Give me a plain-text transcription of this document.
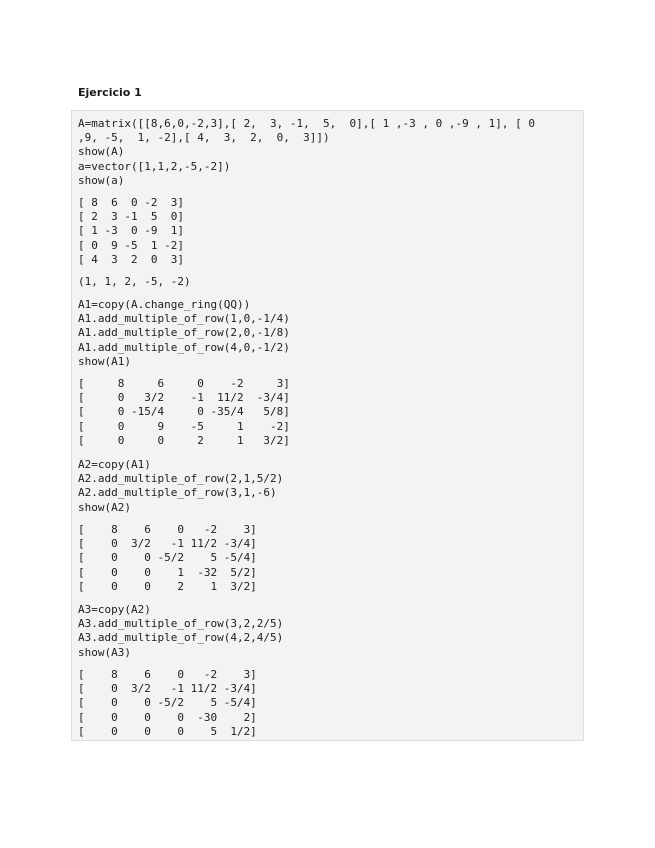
Ejercicio 1
A=matrix([[8,6,0,-2,3],[ 2,  3, -1,  5,  0],[ 1 ,-3 , 0 ,-9 , 1], [ 0
,9, -5,  1, -2],[ 4,  3,  2,  0,  3]])
show(A)
a=vector([1,1,2,-5,-2])
show(a)
[ 8  6  0 -2  3]
[ 2  3 -1  5  0]
[ 1 -3  0 -9  1]
[ 0  9 -5  1 -2]
[ 4  3  2  0  3]
(1, 1, 2, -5, -2)
A1=copy(A.change_ring(QQ))
A1.add_multiple_of_row(1,0,-1/4)
A1.add_multiple_of_row(2,0,-1/8)
A1.add_multiple_of_row(4,0,-1/2)
show(A1)
[     8     6     0    -2     3]
[     0   3/2    -1  11/2  -3/4]
[     0 -15/4     0 -35/4   5/8]
[     0     9    -5     1    -2]
[     0     0     2     1   3/2]
A2=copy(A1)
A2.add_multiple_of_row(2,1,5/2)
A2.add_multiple_of_row(3,1,-6)
show(A2)
[    8    6    0   -2    3]
[    0  3/2   -1 11/2 -3/4]
[    0    0 -5/2    5 -5/4]
[    0    0    1  -32  5/2]
[    0    0    2    1  3/2]
A3=copy(A2)
A3.add_multiple_of_row(3,2,2/5)
A3.add_multiple_of_row(4,2,4/5)
show(A3)
[    8    6    0   -2    3]
[    0  3/2   -1 11/2 -3/4]
[    0    0 -5/2    5 -5/4]
[    0    0    0  -30    2]
[    0    0    0    5  1/2]
